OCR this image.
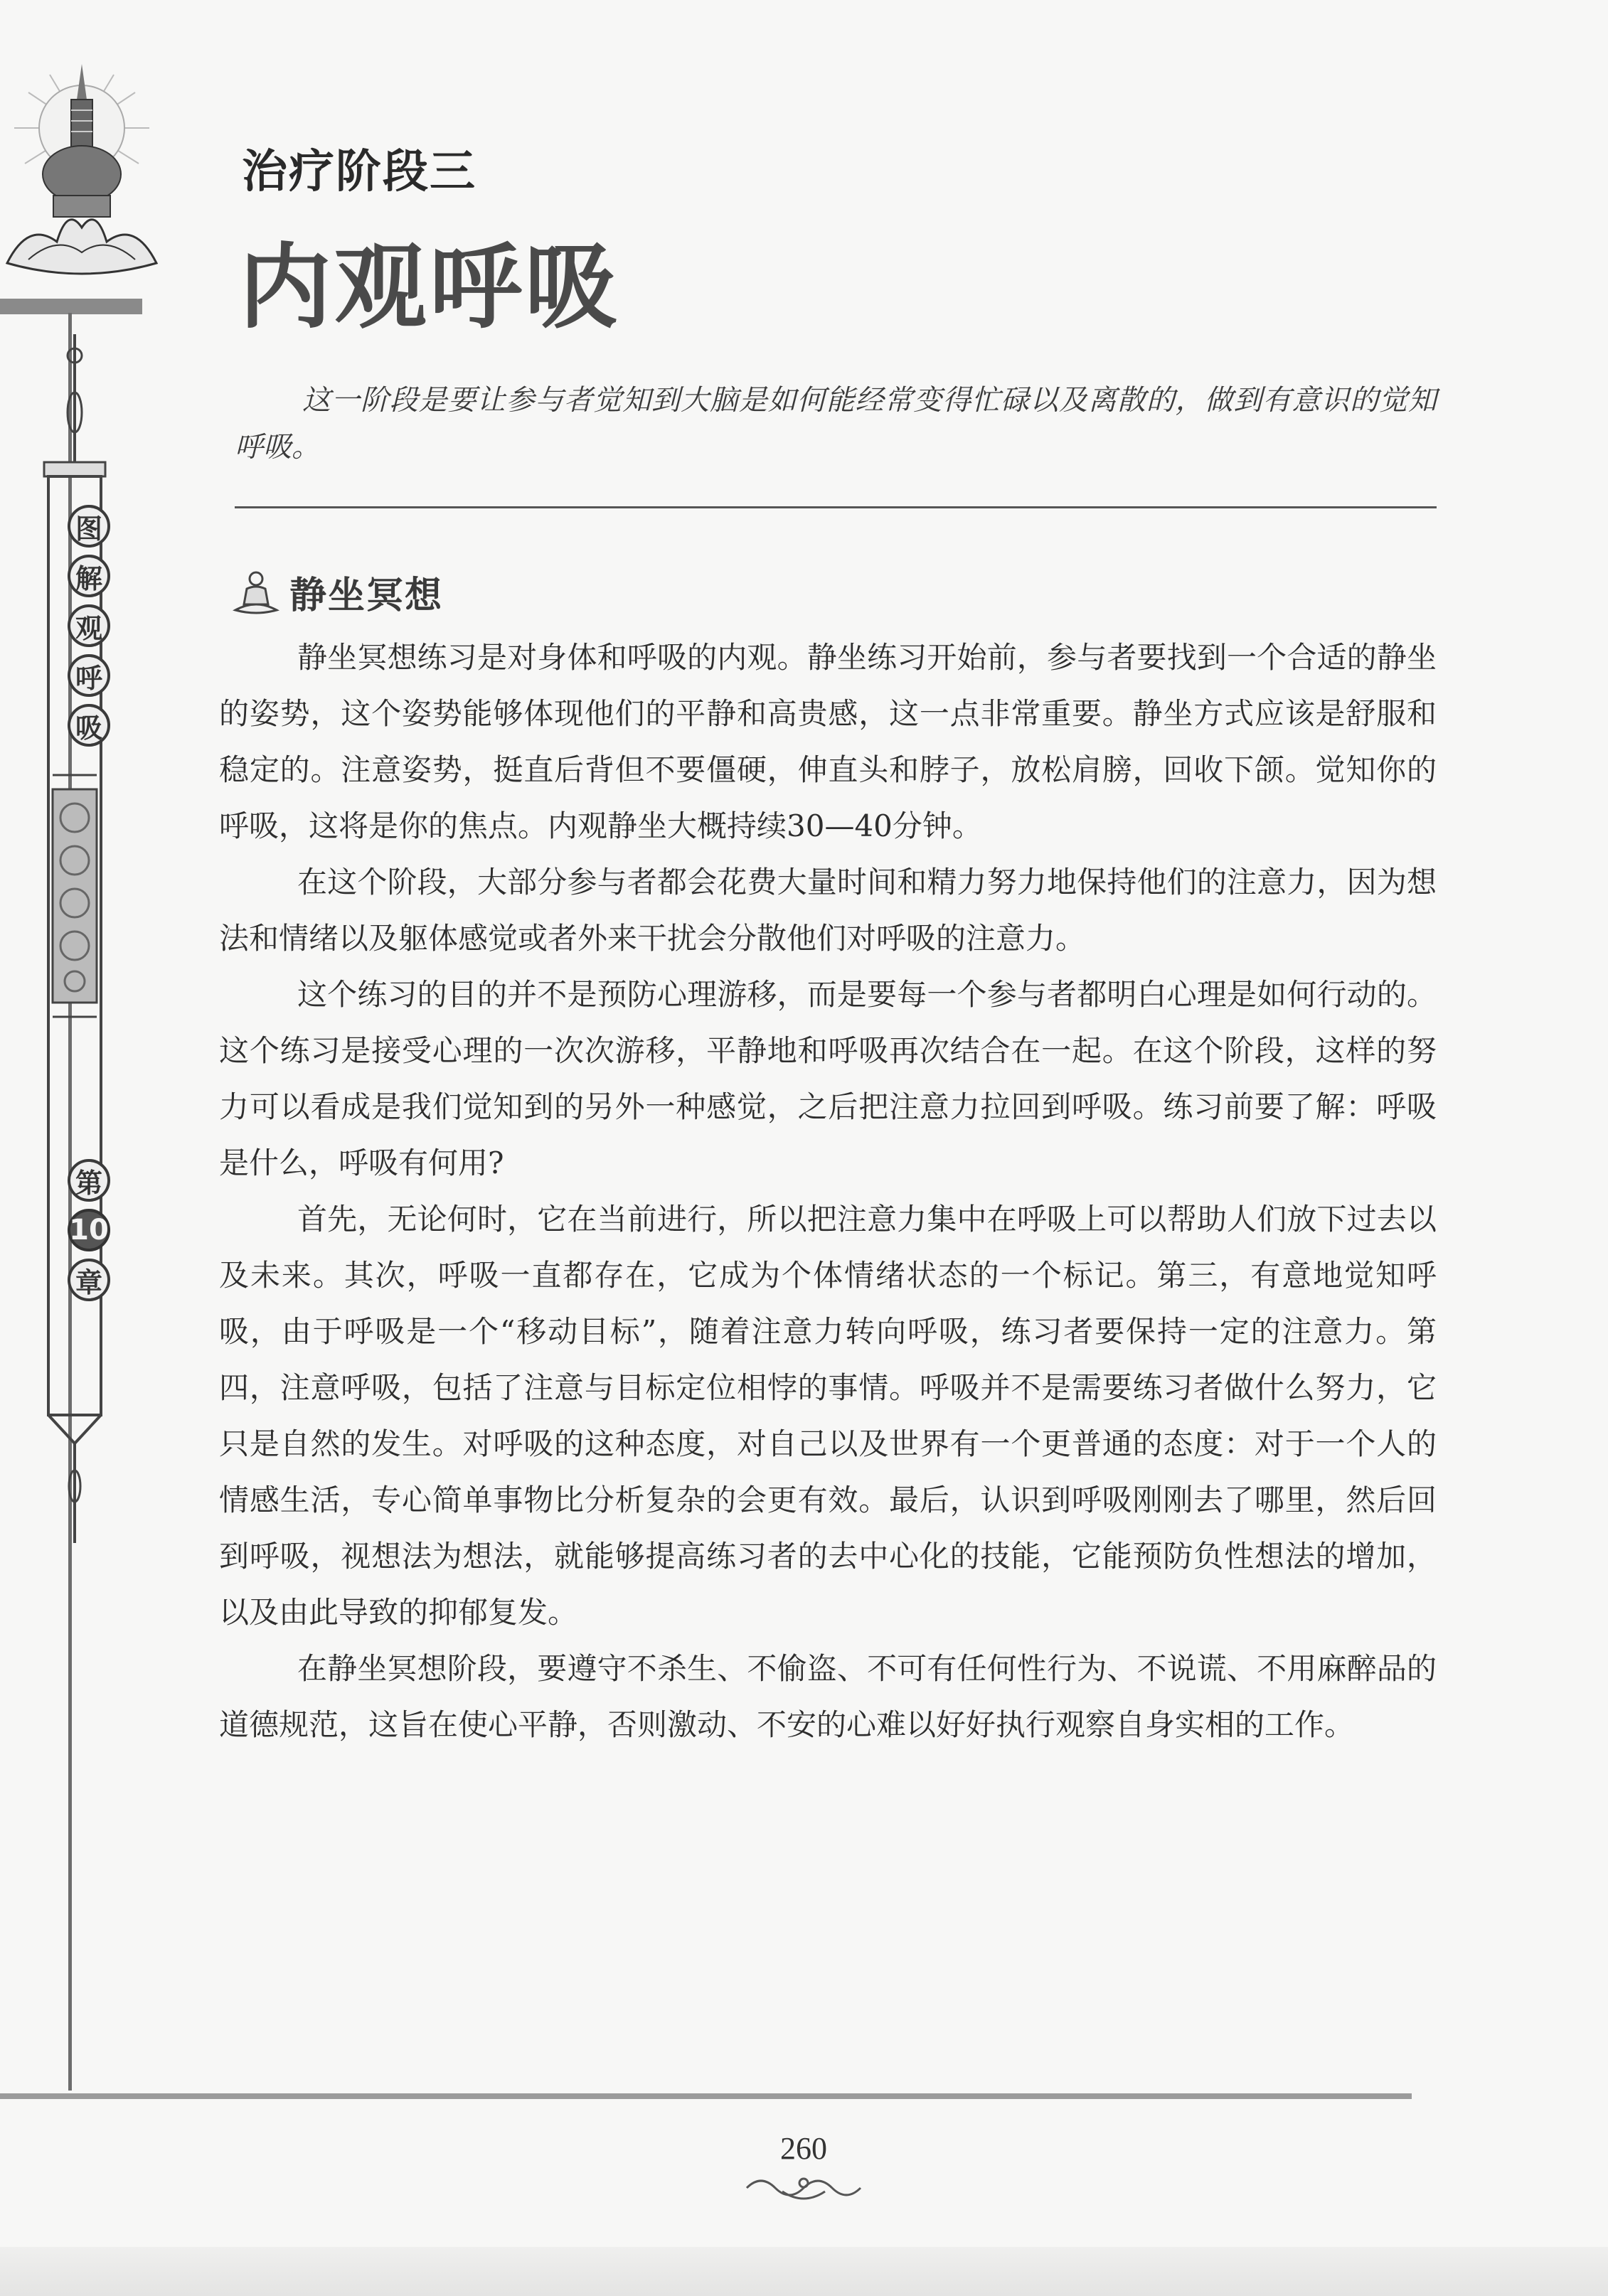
图
解
观
呼
吸
第
10
章
治疗阶段三
内观呼吸

这一阶段是要让参与者觉知到大脑是如何能经常变得忙碌以及离散的，做到有意识的觉知呼吸。

静坐冥想

静坐冥想练习是对身体和呼吸的内观。静坐练习开始前，参与者要找到一个合适的静坐的姿势，这个姿势能够体现他们的平静和高贵感，这一点非常重要。静坐方式应该是舒服和稳定的。注意姿势，挺直后背但不要僵硬，伸直头和脖子，放松肩膀，回收下颌。觉知你的呼吸，这将是你的焦点。内观静坐大概持续30—40分钟。

在这个阶段，大部分参与者都会花费大量时间和精力努力地保持他们的注意力，因为想法和情绪以及躯体感觉或者外来干扰会分散他们对呼吸的注意力。

这个练习的目的并不是预防心理游移，而是要每一个参与者都明白心理是如何行动的。这个练习是接受心理的一次次游移，平静地和呼吸再次结合在一起。在这个阶段，这样的努力可以看成是我们觉知到的另外一种感觉，之后把注意力拉回到呼吸。练习前要了解：呼吸是什么，呼吸有何用?

首先，无论何时，它在当前进行，所以把注意力集中在呼吸上可以帮助人们放下过去以及未来。其次，呼吸一直都存在，它成为个体情绪状态的一个标记。第三，有意地觉知呼吸，由于呼吸是一个“移动目标”，随着注意力转向呼吸，练习者要保持一定的注意力。第四，注意呼吸，包括了注意与目标定位相悖的事情。呼吸并不是需要练习者做什么努力，它只是自然的发生。对呼吸的这种态度，对自己以及世界有一个更普通的态度：对于一个人的情感生活，专心简单事物比分析复杂的会更有效。最后，认识到呼吸刚刚去了哪里，然后回到呼吸，视想法为想法，就能够提高练习者的去中心化的技能，它能预防负性想法的增加，以及由此导致的抑郁复发。

在静坐冥想阶段，要遵守不杀生、不偷盗、不可有任何性行为、不说谎、不用麻醉品的道德规范，这旨在使心平静，否则激动、不安的心难以好好执行观察自身实相的工作。

260
